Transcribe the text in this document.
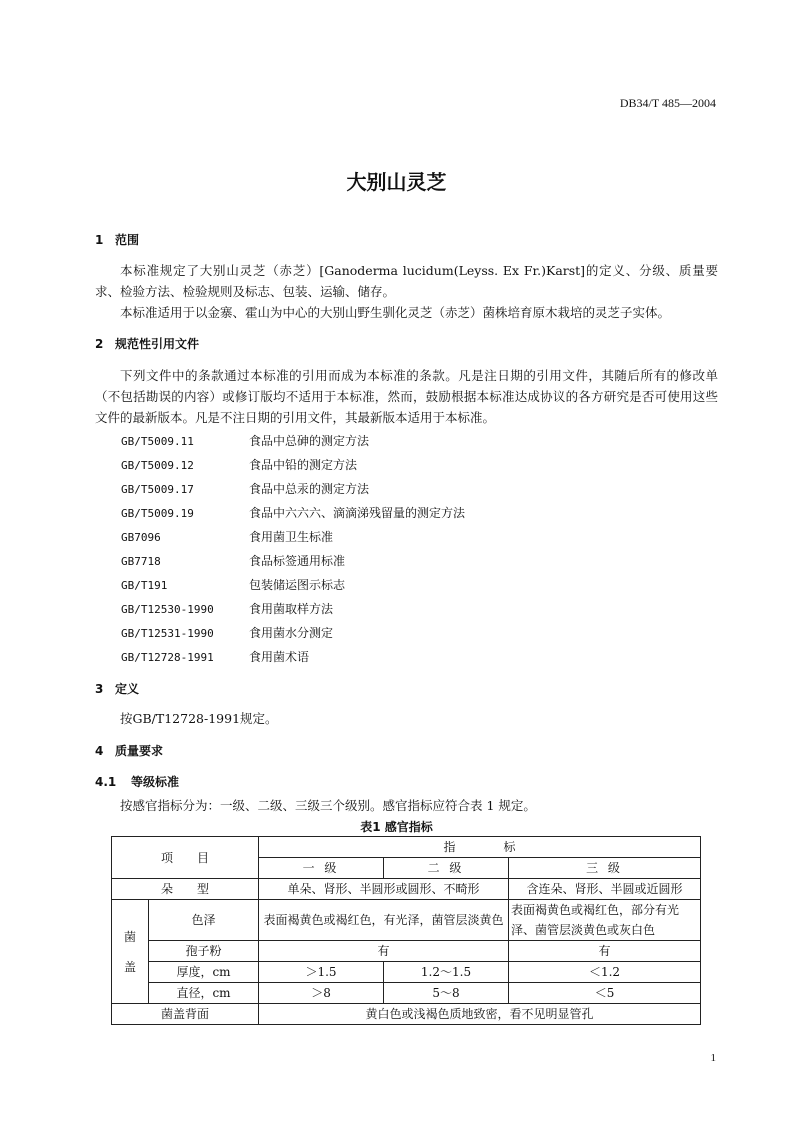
DB34/T 485—2004
大别山灵芝
1 范围
本标准规定了大别山灵芝（赤芝）[Ganoderma lucidum(Leyss. Ex Fr.)Karst]的定义、分级、质量要求、检验方法、检验规则及标志、包装、运输、储存。
本标准适用于以金寨、霍山为中心的大别山野生驯化灵芝（赤芝）菌株培育原木栽培的灵芝子实体。
2 规范性引用文件
下列文件中的条款通过本标准的引用而成为本标准的条款。凡是注日期的引用文件，其随后所有的修改单（不包括勘误的内容）或修订版均不适用于本标准，然而，鼓励根据本标准达成协议的各方研究是否可使用这些文件的最新版本。凡是不注日期的引用文件，其最新版本适用于本标准。
GB/T5009.11	食品中总砷的测定方法
GB/T5009.12	食品中铅的测定方法
GB/T5009.17	食品中总汞的测定方法
GB/T5009.19	食品中六六六、滴滴涕残留量的测定方法
GB7096	食用菌卫生标准
GB7718	食品标签通用标准
GB/T191	包装储运图示标志
GB/T12530-1990	食用菌取样方法
GB/T12531-1990	食用菌水分测定
GB/T12728-1991	食用菌术语
3 定义
按GB/T12728-1991规定。
4 质量要求
4.1 等级标准
按感官指标分为：一级、二级、三级三个级别。感官指标应符合表 1 规定。
表1 感官指标
项　　目		指　　　　标		
		一 级	二 级	三 级
朵　　型		单朵、肾形、半圆形或圆形、不畸形		含连朵、肾形、半圆或近圆形

菌
盖	色泽	表面褐黄色或褐红色，有光泽，菌管层淡黄色		表面褐黄色或褐红色，部分有光泽、菌管层淡黄色或灰白色
	孢子粉	有		有
	厚度，cm	＞1.5	1.2～1.5	＜1.2
	直径，cm	＞8	5～8	＜5
菌盖背面		黄白色或浅褐色质地致密，看不见明显管孔		
1
